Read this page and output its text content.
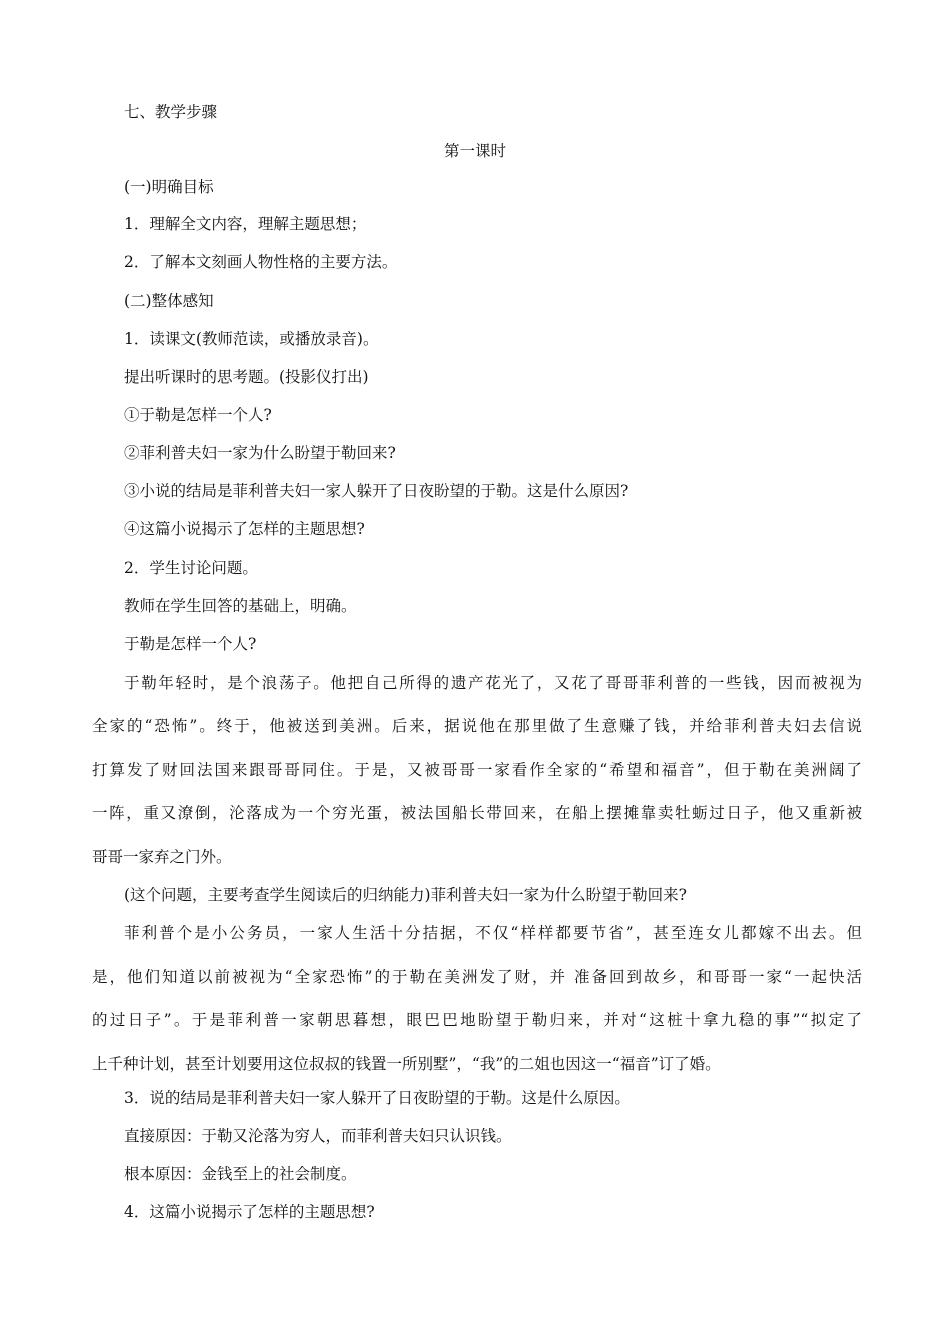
七、教学步骤
第一课时
(一)明确目标
1．理解全文内容，理解主题思想；
2．了解本文刻画人物性格的主要方法。
(二)整体感知
1．读课文(教师范读，或播放录音)。
提出听课时的思考题。(投影仪打出)
①于勒是怎样一个人?
②菲利普夫妇一家为什么盼望于勒回来?
③小说的结局是菲利普夫妇一家人躲开了日夜盼望的于勒。这是什么原因?
④这篇小说揭示了怎样的主题思想?
2．学生讨论问题。
教师在学生回答的基础上，明确。
于勒是怎样一个人?
于勒年轻时，是个浪荡子。他把自己所得的遗产花光了，又花了哥哥菲利普的一些钱，因而被视为
全家的“恐怖”。终于，他被送到美洲。后来，据说他在那里做了生意赚了钱，并给菲利普夫妇去信说
打算发了财回法国来跟哥哥同住。于是，又被哥哥一家看作全家的“希望和福音”，但于勒在美洲阔了
一阵，重又潦倒，沦落成为一个穷光蛋，被法国船长带回来，在船上摆摊靠卖牡蛎过日子，他又重新被
哥哥一家弃之门外。
(这个问题，主要考查学生阅读后的归纳能力)菲利普夫妇一家为什么盼望于勒回来?
菲利普个是小公务员，一家人生活十分拮据，不仅“样样都要节省”，甚至连女儿都嫁不出去。但
是，他们知道以前被视为“全家恐怖”的于勒在美洲发了财，并 准备回到故乡，和哥哥一家“一起快活
的过日子”。于是菲利普一家朝思暮想，眼巴巴地盼望于勒归来，并对“这桩十拿九稳的事”“拟定了
上千种计划，甚至计划要用这位叔叔的钱置一所别墅”，“我”的二姐也因这一“福音”订了婚。
3．说的结局是菲利普夫妇一家人躲开了日夜盼望的于勒。这是什么原因。
直接原因：于勒又沦落为穷人，而菲利普夫妇只认识钱。
根本原因：金钱至上的社会制度。
4．这篇小说揭示了怎样的主题思想?
